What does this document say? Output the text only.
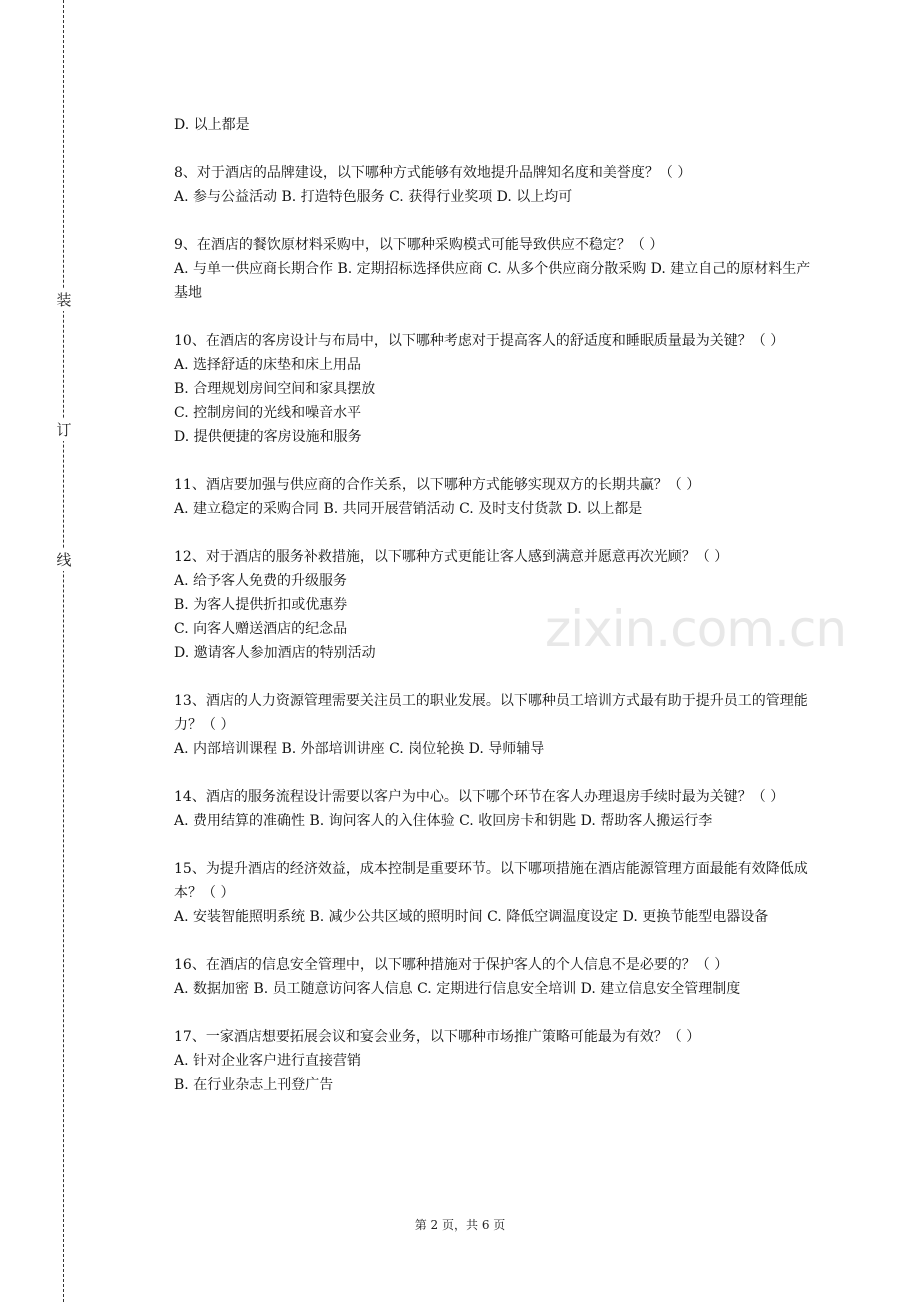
装
订
线
zixin.com.cn

D. 以上都是

8、对于酒店的品牌建设，以下哪种方式能够有效地提升品牌知名度和美誉度？（ ）

A. 参与公益活动 B. 打造特色服务 C. 获得行业奖项 D. 以上均可

9、在酒店的餐饮原材料采购中，以下哪种采购模式可能导致供应不稳定？（ ）

A. 与单一供应商长期合作 B. 定期招标选择供应商 C. 从多个供应商分散采购 D. 建立自己的原材料生产基地

10、在酒店的客房设计与布局中，以下哪种考虑对于提高客人的舒适度和睡眠质量最为关键？（ ）

A. 选择舒适的床垫和床上用品

B. 合理规划房间空间和家具摆放

C. 控制房间的光线和噪音水平

D. 提供便捷的客房设施和服务

11、酒店要加强与供应商的合作关系，以下哪种方式能够实现双方的长期共赢？（ ）

A. 建立稳定的采购合同 B. 共同开展营销活动 C. 及时支付货款 D. 以上都是

12、对于酒店的服务补救措施，以下哪种方式更能让客人感到满意并愿意再次光顾？（ ）

A. 给予客人免费的升级服务

B. 为客人提供折扣或优惠券

C. 向客人赠送酒店的纪念品

D. 邀请客人参加酒店的特别活动

13、酒店的人力资源管理需要关注员工的职业发展。以下哪种员工培训方式最有助于提升员工的管理能力？（ ）

A. 内部培训课程 B. 外部培训讲座 C. 岗位轮换 D. 导师辅导

14、酒店的服务流程设计需要以客户为中心。以下哪个环节在客人办理退房手续时最为关键？（ ）

A. 费用结算的准确性 B. 询问客人的入住体验 C. 收回房卡和钥匙 D. 帮助客人搬运行李

15、为提升酒店的经济效益，成本控制是重要环节。以下哪项措施在酒店能源管理方面最能有效降低成本？（ ）

A. 安装智能照明系统 B. 减少公共区域的照明时间 C. 降低空调温度设定 D. 更换节能型电器设备

16、在酒店的信息安全管理中，以下哪种措施对于保护客人的个人信息不是必要的？（ ）

A. 数据加密 B. 员工随意访问客人信息 C. 定期进行信息安全培训 D. 建立信息安全管理制度

17、一家酒店想要拓展会议和宴会业务，以下哪种市场推广策略可能最为有效？（ ）

A. 针对企业客户进行直接营销

B. 在行业杂志上刊登广告

第 2 页，共 6 页
